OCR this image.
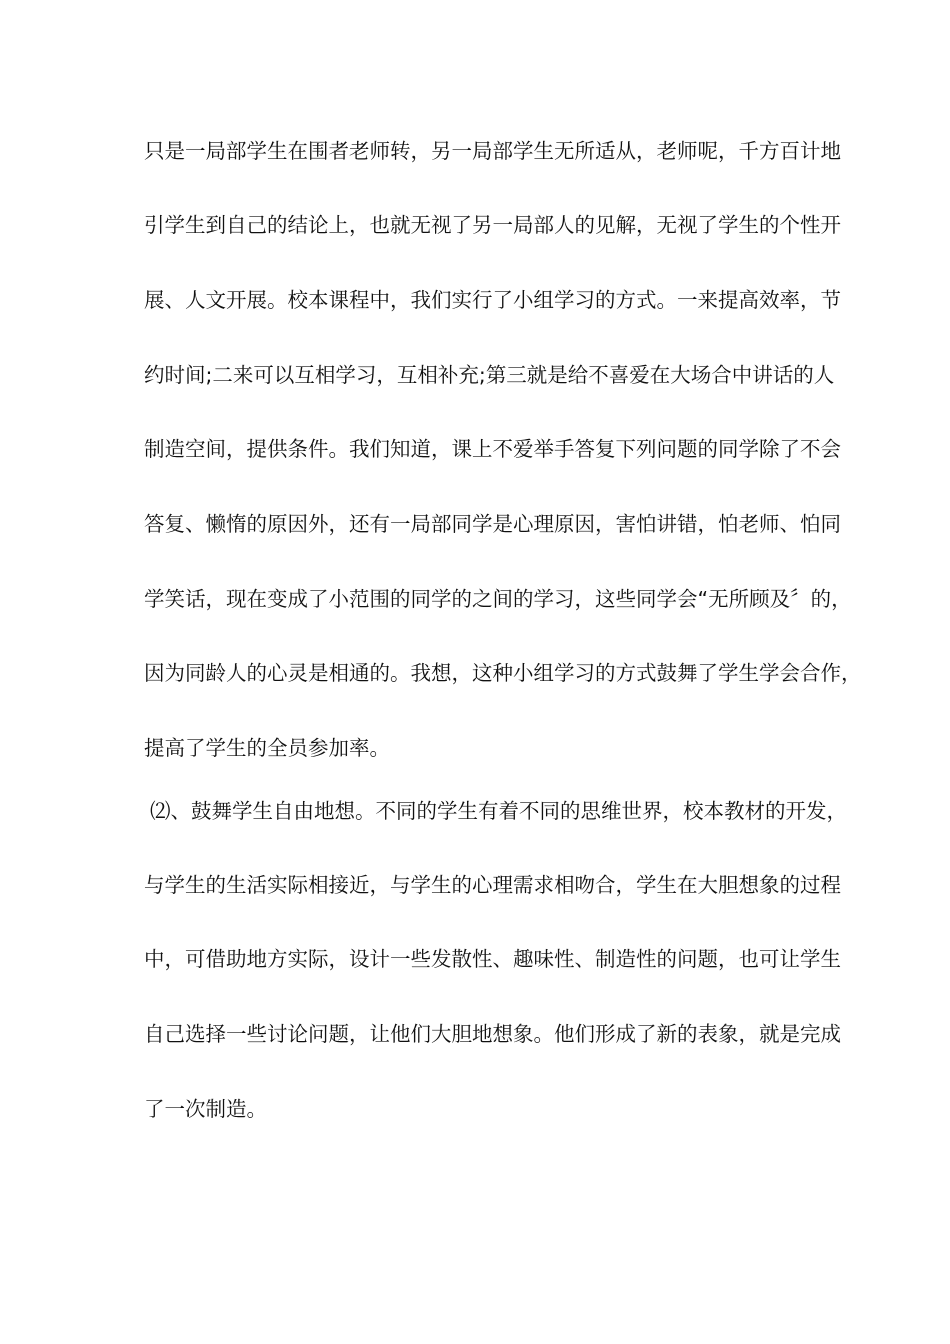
只是一局部学生在围者老师转，另一局部学生无所适从，老师呢，千方百计地
引学生到自己的结论上，也就无视了另一局部人的见解，无视了学生的个性开
展、人文开展。校本课程中，我们实行了小组学习的方式。一来提高效率，节
约时间;二来可以互相学习，互相补充;第三就是给不喜爱在大场合中讲话的人
制造空间，提供条件。我们知道，课上不爱举手答复下列问题的同学除了不会
答复、懒惰的原因外，还有一局部同学是心理原因，害怕讲错，怕老师、怕同
学笑话，现在变成了小范围的同学的之间的学习，这些同学会“无所顾及〞的，
因为同龄人的心灵是相通的。我想，这种小组学习的方式鼓舞了学生学会合作，
提高了学生的全员参加率。
⑵、鼓舞学生自由地想。不同的学生有着不同的思维世界，校本教材的开发，
与学生的生活实际相接近，与学生的心理需求相吻合，学生在大胆想象的过程
中，可借助地方实际，设计一些发散性、趣味性、制造性的问题，也可让学生
自己选择一些讨论问题，让他们大胆地想象。他们形成了新的表象，就是完成
了一次制造。
